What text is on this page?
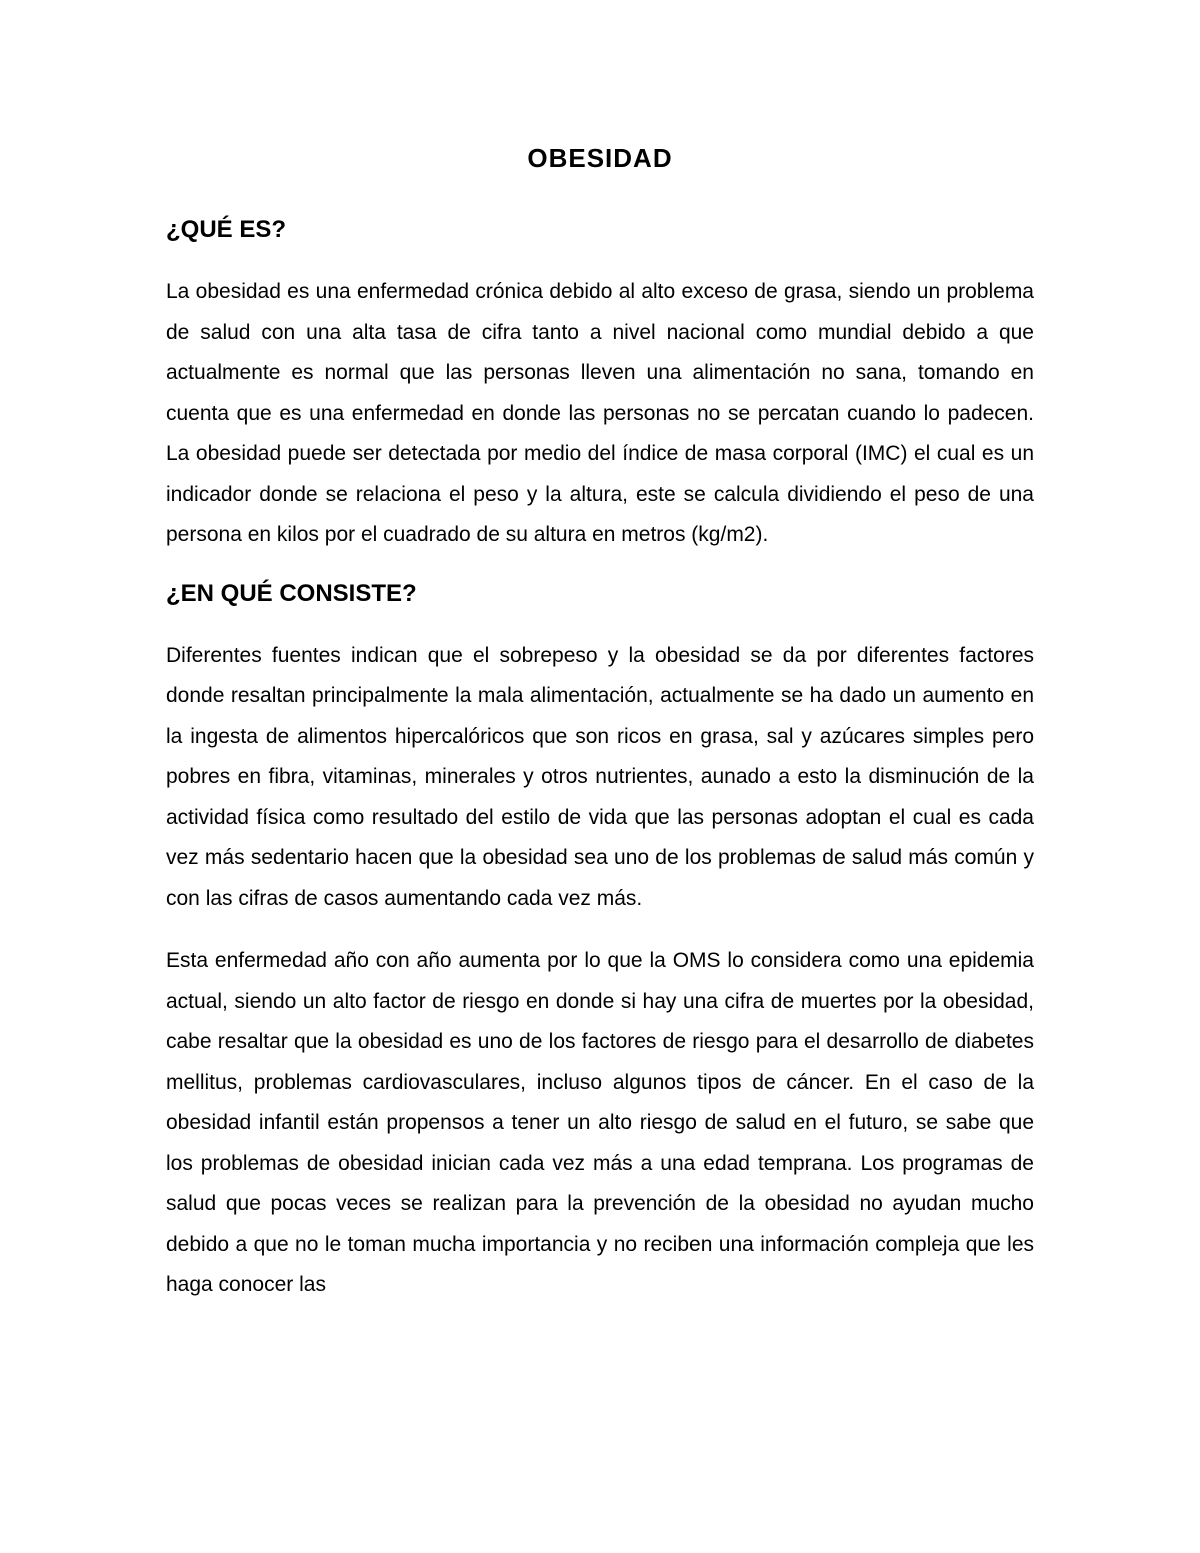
OBESIDAD
¿QUÉ ES?

La obesidad es una enfermedad crónica debido al alto exceso de grasa, siendo un problema de salud con una alta tasa de cifra tanto a nivel nacional como mundial debido a que actualmente es normal que las personas lleven una alimentación no sana, tomando en cuenta que es una enfermedad en donde las personas no se percatan cuando lo padecen. La obesidad puede ser detectada por medio del índice de masa corporal (IMC) el cual es un indicador donde se relaciona el peso y la altura, este se calcula dividiendo el peso de una persona en kilos por el cuadrado de su altura en metros (kg/m2).

¿EN QUÉ CONSISTE?

Diferentes fuentes indican que el sobrepeso y la obesidad se da por diferentes factores donde resaltan principalmente la mala alimentación, actualmente se ha dado un aumento en la ingesta de alimentos hipercalóricos que son ricos en grasa, sal y azúcares simples pero pobres en fibra, vitaminas, minerales y otros nutrientes, aunado a esto la disminución de la actividad física como resultado del estilo de vida que las personas adoptan el cual es cada vez más sedentario hacen que la obesidad sea uno de los problemas de salud más común y con las cifras de casos aumentando cada vez más.

Esta enfermedad año con año aumenta por lo que la OMS lo considera como una epidemia actual, siendo un alto factor de riesgo en donde si hay una cifra de muertes por la obesidad, cabe resaltar que la obesidad es uno de los factores de riesgo para el desarrollo de diabetes mellitus, problemas cardiovasculares, incluso algunos tipos de cáncer. En el caso de la obesidad infantil están propensos a tener un alto riesgo de salud en el futuro, se sabe que los problemas de obesidad inician cada vez más a una edad temprana. Los programas de salud que pocas veces se realizan para la prevención de la obesidad no ayudan mucho debido a que no le toman mucha importancia y no reciben una información compleja que les haga conocer las
